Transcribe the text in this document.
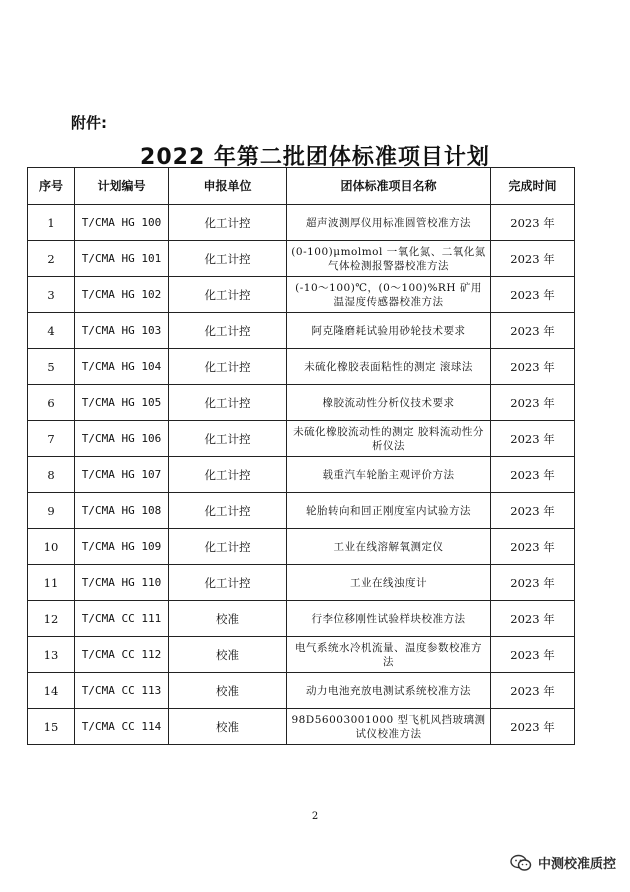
附件:
2022 年第二批团体标准项目计划
序号	计划编号	申报单位	团体标准项目名称	完成时间
1	T/CMA HG 100	化工计控	超声波测厚仪用标准圆管校准方法	2023 年
2	T/CMA HG 101	化工计控	(0-100)μmolmol 一氧化氮、二氧化氮气体检测报警器校准方法	2023 年
3	T/CMA HG 102	化工计控	(-10～100)℃，(0～100)%RH 矿用温湿度传感器校准方法	2023 年
4	T/CMA HG 103	化工计控	阿克隆磨耗试验用砂轮技术要求	2023 年
5	T/CMA HG 104	化工计控	未硫化橡胶表面粘性的测定 滚球法	2023 年
6	T/CMA HG 105	化工计控	橡胶流动性分析仪技术要求	2023 年
7	T/CMA HG 106	化工计控	未硫化橡胶流动性的测定 胶料流动性分析仪法	2023 年
8	T/CMA HG 107	化工计控	载重汽车轮胎主观评价方法	2023 年
9	T/CMA HG 108	化工计控	轮胎转向和回正刚度室内试验方法	2023 年
10	T/CMA HG 109	化工计控	工业在线溶解氧测定仪	2023 年
11	T/CMA HG 110	化工计控	工业在线浊度计	2023 年
12	T/CMA CC 111	校准	行李位移刚性试验样块校准方法	2023 年
13	T/CMA CC 112	校准	电气系统水冷机流量、温度参数校准方法	2023 年
14	T/CMA CC 113	校准	动力电池充放电测试系统校准方法	2023 年
15	T/CMA CC 114	校准	98D56003001000 型飞机风挡玻璃测试仪校准方法	2023 年
2
中测校准质控
